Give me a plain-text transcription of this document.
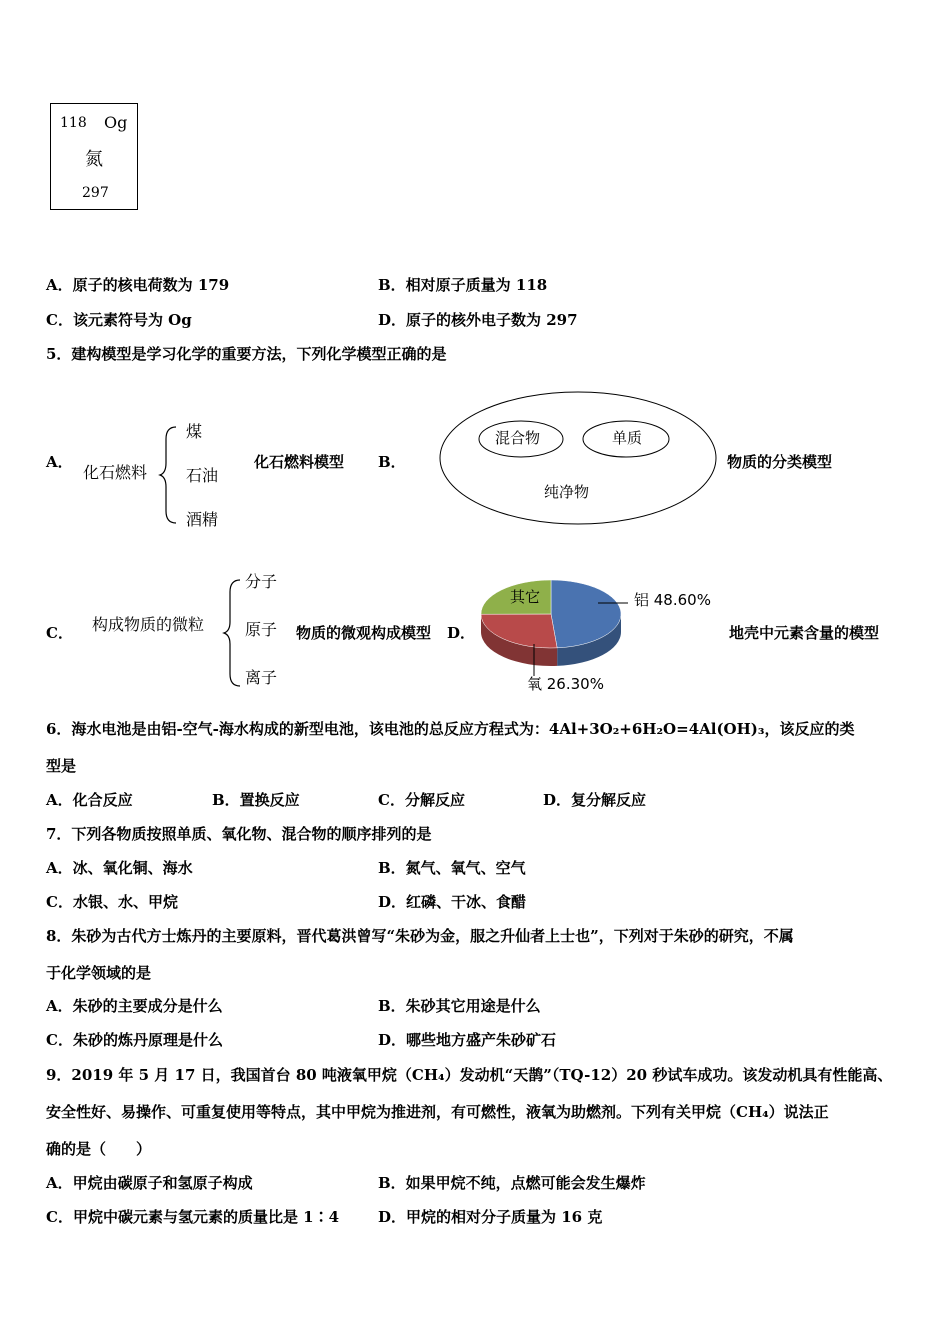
118 Og
氮
297
A．原子的核电荷数为 179	B．相对原子质量为 118
C．该元素符号为 Og	D．原子的核外电子数为 297
5．建构模型是学习化学的重要方法，下列化学模型正确的是
A．
化石燃料
煤
石油
酒精
化石燃料模型 B．
混合物	单质
纯净物
物质的分类模型
C． 构成物质的微粒
分子
原子
离子
物质的微观构成模型 D．
铝 48.60%
氧 26.30%
其它
地壳中元素含量的模型
6．海水电池是由铝-空气-海水构成的新型电池，该电池的总反应方程式为：4Al+3O₂+6H₂O=4Al(OH)₃，该反应的类
型是
A．化合反应	B．置换反应	C．分解反应	D．复分解反应
7．下列各物质按照单质、氧化物、混合物的顺序排列的是
A．冰、氧化铜、海水	B．氮气、氧气、空气
C．水银、水、甲烷	D．红磷、干冰、食醋
8．朱砂为古代方士炼丹的主要原料，晋代葛洪曾写“朱砂为金，服之升仙者上士也”，下列对于朱砂的研究，不属
于化学领域的是
A．朱砂的主要成分是什么	B．朱砂其它用途是什么
C．朱砂的炼丹原理是什么	D．哪些地方盛产朱砂矿石
9．2019 年 5 月 17 日，我国首台 80 吨液氧甲烷（CH₄）发动机“天鹊”（TQ-12）20 秒试车成功。该发动机具有性能高、
安全性好、易操作、可重复使用等特点，其中甲烷为推进剂，有可燃性，液氧为助燃剂。下列有关甲烷（CH₄）说法正
确的是（　　）
A．甲烷由碳原子和氢原子构成	B．如果甲烷不纯，点燃可能会发生爆炸
C．甲烷中碳元素与氢元素的质量比是 1∶4	D．甲烷的相对分子质量为 16 克
